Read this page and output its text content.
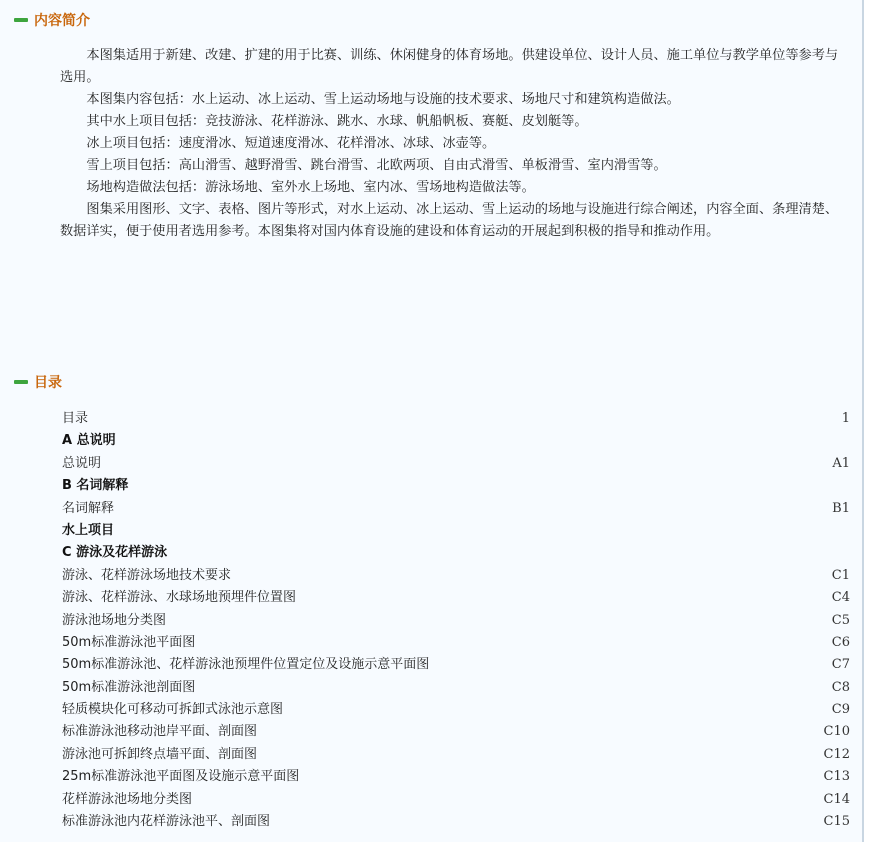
内容简介

本图集适用于新建、改建、扩建的用于比赛、训练、休闲健身的体育场地。供建设单位、设计人员、施工单位与教学单位等参考与选用。

本图集内容包括：水上运动、冰上运动、雪上运动场地与设施的技术要求、场地尺寸和建筑构造做法。

其中水上项目包括：竞技游泳、花样游泳、跳水、水球、帆船帆板、赛艇、皮划艇等。

冰上项目包括：速度滑冰、短道速度滑冰、花样滑冰、冰球、冰壶等。

雪上项目包括：高山滑雪、越野滑雪、跳台滑雪、北欧两项、自由式滑雪、单板滑雪、室内滑雪等。

场地构造做法包括：游泳场地、室外水上场地、室内冰、雪场地构造做法等。

图集采用图形、文字、表格、图片等形式，对水上运动、冰上运动、雪上运动的场地与设施进行综合阐述，内容全面、条理清楚、数据详实，便于使用者选用参考。本图集将对国内体育设施的建设和体育运动的开展起到积极的指导和推动作用。

目录
目录	1
A 总说明
总说明	A1
B 名词解释
名词解释	B1
水上项目
C 游泳及花样游泳
游泳、花样游泳场地技术要求	C1
游泳、花样游泳、水球场地预埋件位置图	C4
游泳池场地分类图	C5
50m标准游泳池平面图	C6
50m标准游泳池、花样游泳池预埋件位置定位及设施示意平面图	C7
50m标准游泳池剖面图	C8
轻质模块化可移动可拆卸式泳池示意图	C9
标准游泳池移动池岸平面、剖面图	C10
游泳池可拆卸终点墙平面、剖面图	C12
25m标准游泳池平面图及设施示意平面图	C13
花样游泳池场地分类图	C14
标准游泳池内花样游泳池平、剖面图	C15
